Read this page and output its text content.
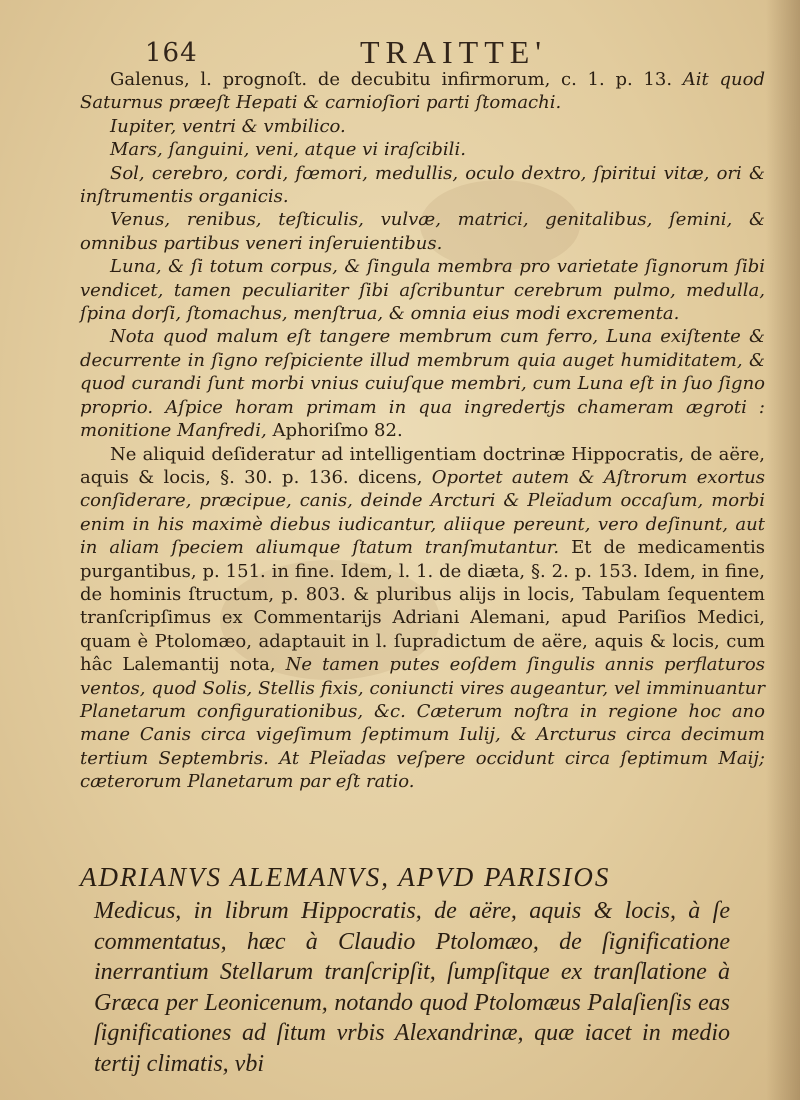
164	TRAITTE'

Galenus, l. prognoſt. de decubitu infirmorum, c. 1. p. 13. Ait quod Saturnus præeſt Hepati & carnioſiori parti ſtomachi.

Iupiter, ventri & vmbilico.

Mars, ſanguini, veni, atque vi iraſcibili.

Sol, cerebro, cordi, fœmori, medullis, oculo dextro, ſpiritui vitæ, ori & inſtrumentis organicis.

Venus, renibus, teſticulis, vulvæ, matrici, genitalibus, ſemini, & omnibus partibus veneri inſeruientibus.

Luna, & ſi totum corpus, & ſingula membra pro varietate ſignorum ſibi vendicet, tamen peculiariter ſibi aſcribuntur cerebrum pulmo, medulla, ſpina dorſi, ſtomachus, menſtrua, & omnia eius modi excrementa.

Nota quod malum eſt tangere membrum cum ferro, Luna exiſtente & decurrente in ſigno reſpiciente illud membrum quia auget humiditatem, & quod curandi ſunt morbi vnius cuiuſque membri, cum Luna eſt in ſuo ſigno proprio. Aſpice horam primam in qua ingredertjs chameram ægroti : monitione Manfredi, Aphoriſmo 82.

Ne aliquid deſideratur ad intelligentiam doctrinæ Hippocratis, de aëre, aquis & locis, §. 30. p. 136. dicens, Oportet autem & Aſtrorum exortus conſiderare, præcipue, canis, deinde Arcturi & Pleïadum occaſum, morbi enim in his maximè diebus iudicantur, aliique pereunt, vero deſinunt, aut in aliam ſpeciem aliumque ſtatum tranſmutantur. Et de medicamentis purgantibus, p. 151. in fine. Idem, l. 1. de diæta, §. 2. p. 153. Idem, in fine, de hominis ſtructum, p. 803. & pluribus alijs in locis, Tabulam ſequentem tranſcripſimus ex Commentarijs Adriani Alemani, apud Pariſios Medici, quam è Ptolomæo, adaptauit in l. ſupradictum de aëre, aquis & locis, cum hâc Lalemantij nota, Ne tamen putes eoſdem ſingulis annis perflaturos ventos, quod Solis, Stellis fixis, coniuncti vires augeantur, vel imminuantur Planetarum configurationibus, &c. Cæterum noſtra in regione hoc ano mane Canis circa vigeſimum ſeptimum Iulij, & Arcturus circa decimum tertium Septembris. At Pleïadas veſpere occidunt circa ſeptimum Maij; cæterorum Planetarum par eſt ratio.

ADRIANVS ALEMANVS, APVD PARISIOS
Medicus, in librum Hippocratis, de aëre, aquis & locis, à ſe commentatus, hæc à Claudio Ptolomæo, de ſignificatione inerrantium Stellarum tranſcripſit, ſumpſitque ex tranſlatione à Græca per Leonicenum, notando quod Ptolomæus Palaſienſis eas ſignificationes ad ſitum vrbis Alexandrinæ, quæ iacet in medio tertij climatis, vbi
